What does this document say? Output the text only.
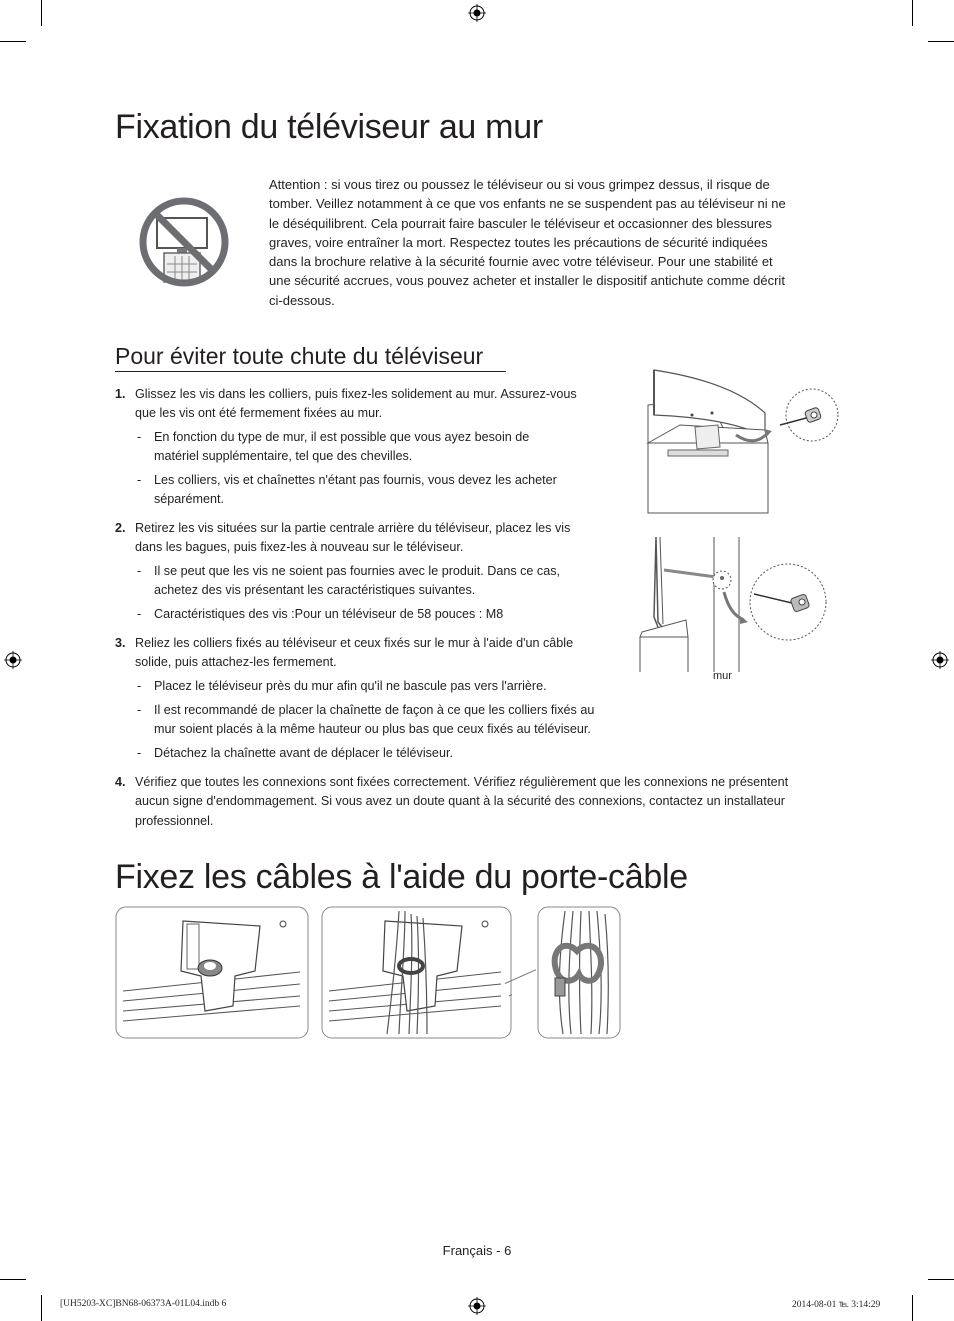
Fixation du téléviseur au mur
Attention : si vous tirez ou poussez le téléviseur ou si vous grimpez dessus, il risque de
tomber. Veillez notamment à ce que vos enfants ne se suspendent pas au téléviseur ni ne
le déséquilibrent. Cela pourrait faire basculer le téléviseur et occasionner des blessures
graves, voire entraîner la mort. Respectez toutes les précautions de sécurité indiquées
dans la brochure relative à la sécurité fournie avec votre téléviseur. Pour une stabilité et
une sécurité accrues, vous pouvez acheter et installer le dispositif antichute comme décrit
ci-dessous.
Pour éviter toute chute du téléviseur
1. Glissez les vis dans les colliers, puis fixez-les solidement au mur. Assurez-vous
que les vis ont été fermement fixées au mur.
- En fonction du type de mur, il est possible que vous ayez besoin de
matériel supplémentaire, tel que des chevilles.
- Les colliers, vis et chaînettes n'étant pas fournis, vous devez les acheter
séparément.
2. Retirez les vis situées sur la partie centrale arrière du téléviseur, placez les vis
dans les bagues, puis fixez-les à nouveau sur le téléviseur.
- Il se peut que les vis ne soient pas fournies avec le produit. Dans ce cas,
achetez des vis présentant les caractéristiques suivantes.
- Caractéristiques des vis :Pour un téléviseur de 58 pouces : M8
3. Reliez les colliers fixés au téléviseur et ceux fixés sur le mur à l'aide d'un câble
solide, puis attachez-les fermement.
- Placez le téléviseur près du mur afin qu'il ne bascule pas vers l'arrière.
- Il est recommandé de placer la chaînette de façon à ce que les colliers fixés au
mur soient placés à la même hauteur ou plus bas que ceux fixés au téléviseur.
- Détachez la chaînette avant de déplacer le téléviseur.
4. Vérifiez que toutes les connexions sont fixées correctement. Vérifiez régulièrement que les connexions ne présentent
aucun signe d'endommagement. Si vous avez un doute quant à la sécurité des connexions, contactez un installateur
professionnel.
mur
Fixez les câbles à l'aide du porte-câble
Français - 6
[UH5203-XC]BN68-06373A-01L04.indb 6	2014-08-01 ℡ 3:14:29
